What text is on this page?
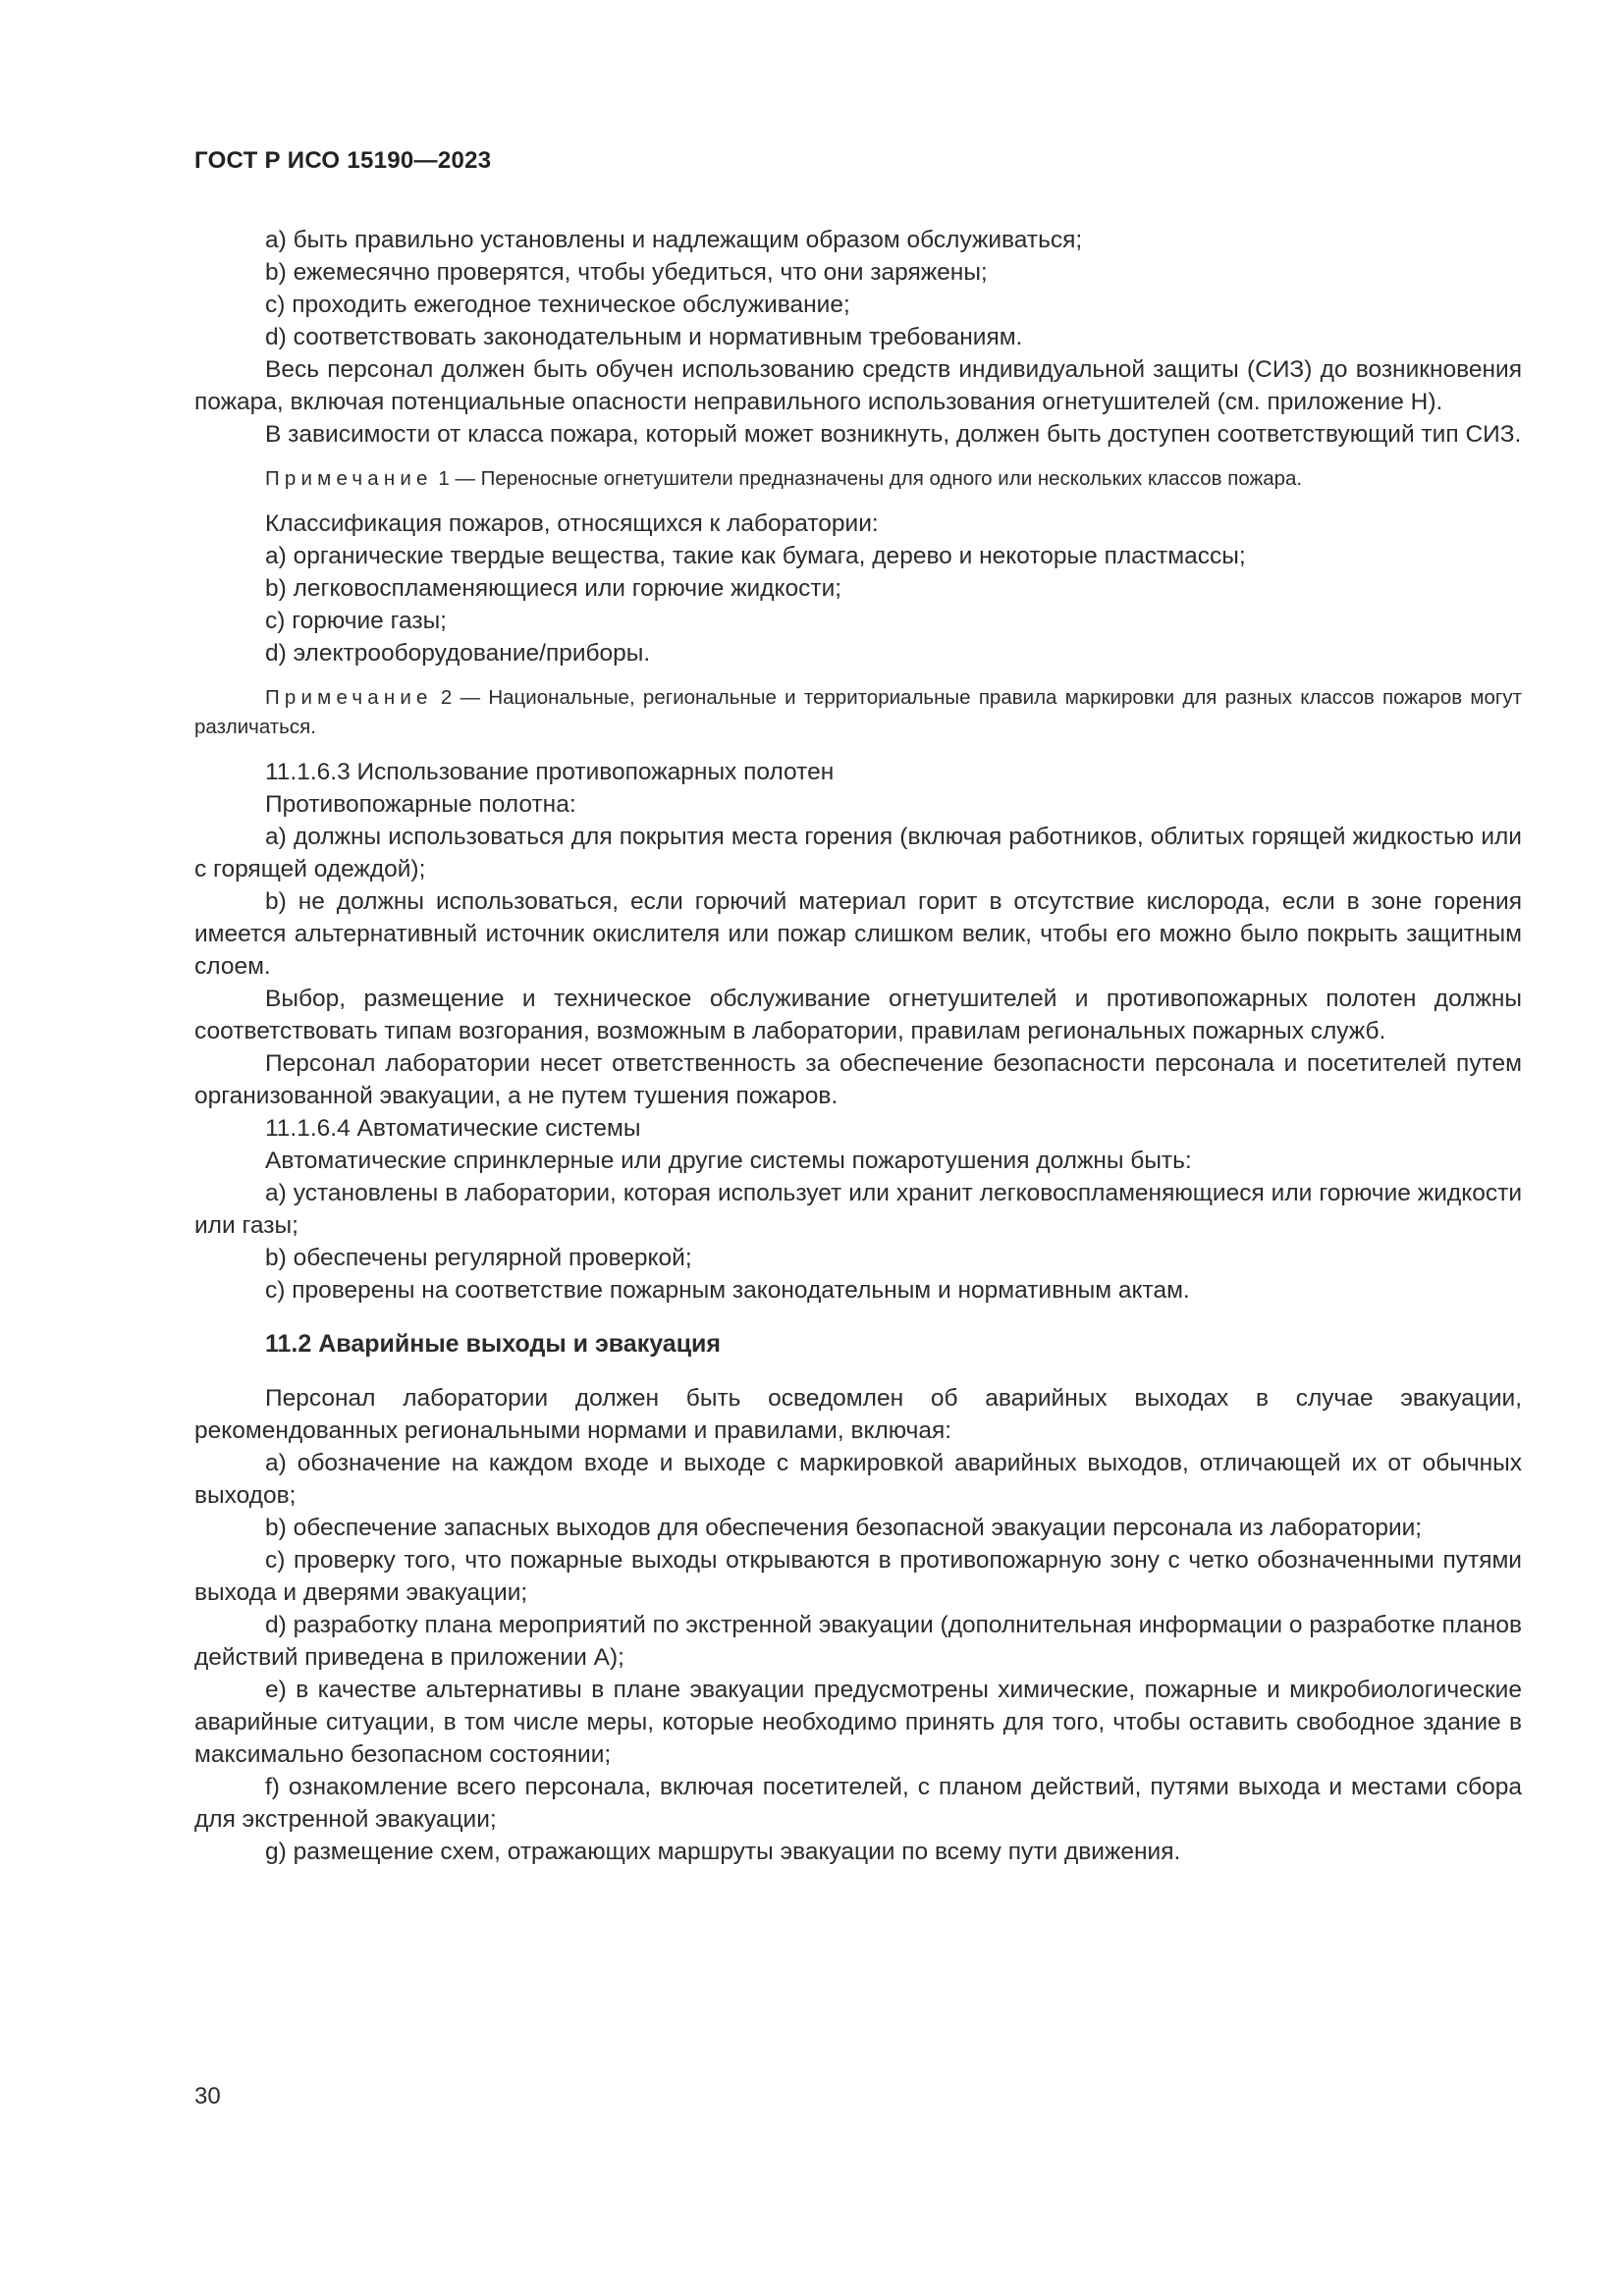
ГОСТ Р ИСО 15190—2023

а) быть правильно установлены и надлежащим образом обслуживаться;

b) ежемесячно проверятся, чтобы убедиться, что они заряжены;

с) проходить ежегодное техническое обслуживание;

d) соответствовать законодательным и нормативным требованиям.

Весь персонал должен быть обучен использованию средств индивидуальной защиты (СИЗ) до возникновения пожара, включая потенциальные опасности неправильного использования огнетушителей (см. приложение Н).

В зависимости от класса пожара, который может возникнуть, должен быть доступен соответствующий тип СИЗ.

Примечание 1 — Переносные огнетушители предназначены для одного или нескольких классов пожара.

Классификация пожаров, относящихся к лаборатории:

а) органические твердые вещества, такие как бумага, дерево и некоторые пластмассы;

b) легковоспламеняющиеся или горючие жидкости;

с) горючие газы;

d) электрооборудование/приборы.

Примечание 2 — Национальные, региональные и территориальные правила маркировки для разных классов пожаров могут различаться.

11.1.6.3 Использование противопожарных полотен

Противопожарные полотна:

а) должны использоваться для покрытия места горения (включая работников, облитых горящей жидкостью или с горящей одеждой);

b) не должны использоваться, если горючий материал горит в отсутствие кислорода, если в зоне горения имеется альтернативный источник окислителя или пожар слишком велик, чтобы его можно было покрыть защитным слоем.

Выбор, размещение и техническое обслуживание огнетушителей и противопожарных полотен должны соответствовать типам возгорания, возможным в лаборатории, правилам региональных пожарных служб.

Персонал лаборатории несет ответственность за обеспечение безопасности персонала и посетителей путем организованной эвакуации, а не путем тушения пожаров.

11.1.6.4 Автоматические системы

Автоматические спринклерные или другие системы пожаротушения должны быть:

а) установлены в лаборатории, которая использует или хранит легковоспламеняющиеся или горючие жидкости или газы;

b) обеспечены регулярной проверкой;

с) проверены на соответствие пожарным законодательным и нормативным актам.

11.2 Аварийные выходы и эвакуация

Персонал лаборатории должен быть осведомлен об аварийных выходах в случае эвакуации, рекомендованных региональными нормами и правилами, включая:

а) обозначение на каждом входе и выходе с маркировкой аварийных выходов, отличающей их от обычных выходов;

b) обеспечение запасных выходов для обеспечения безопасной эвакуации персонала из лаборатории;

с) проверку того, что пожарные выходы открываются в противопожарную зону с четко обозначенными путями выхода и дверями эвакуации;

d) разработку плана мероприятий по экстренной эвакуации (дополнительная информации о разработке планов действий приведена в приложении А);

е) в качестве альтернативы в плане эвакуации предусмотрены химические, пожарные и микробиологические аварийные ситуации, в том числе меры, которые необходимо принять для того, чтобы оставить свободное здание в максимально безопасном состоянии;

f) ознакомление всего персонала, включая посетителей, с планом действий, путями выхода и местами сбора для экстренной эвакуации;

g) размещение схем, отражающих маршруты эвакуации по всему пути движения.

30
